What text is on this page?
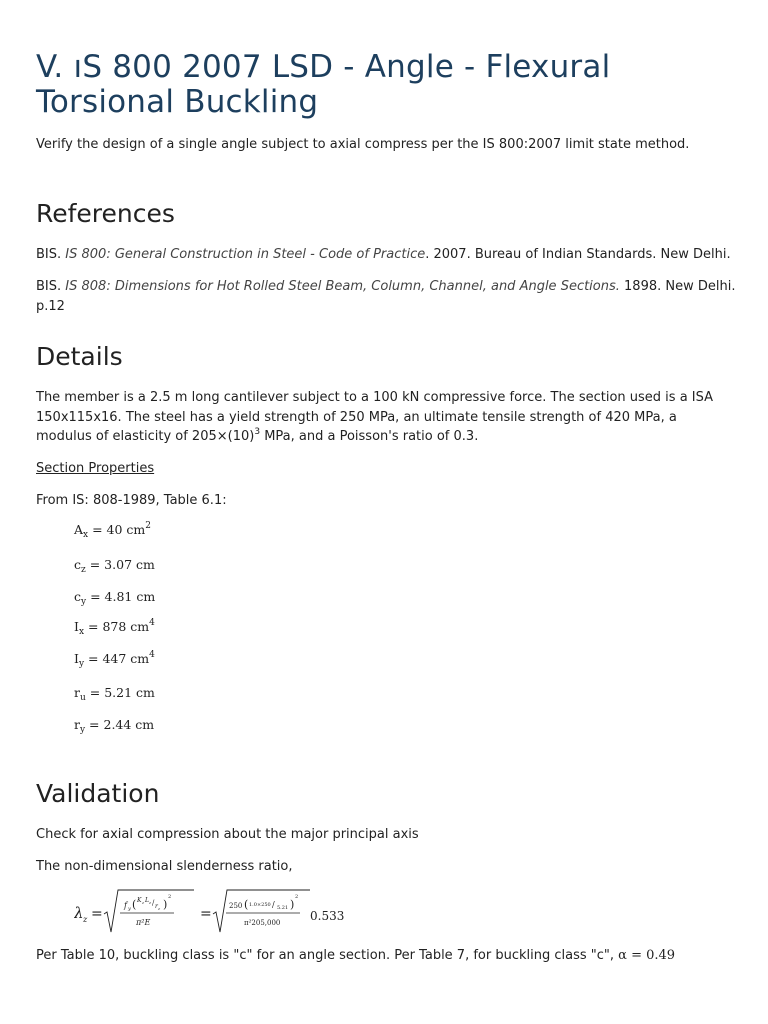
V. ıS 800 2007 LSD - Angle - Flexural Torsional Buckling

Verify the design of a single angle subject to axial compress per the IS 800:2007 limit state method.

References

BIS. IS 800: General Construction in Steel - Code of Practice. 2007. Bureau of Indian Standards. New Delhi.

BIS. IS 808: Dimensions for Hot Rolled Steel Beam, Column, Channel, and Angle Sections. 1898. New Delhi. p.12

Details

The member is a 2.5 m long cantilever subject to a 100 kN compressive force. The section used is a ISA 150x115x16. The steel has a yield strength of 250 MPa, an ultimate tensile strength of 420 MPa, a modulus of elasticity of $205\times(10)^3$ MPa, and a Poisson's ratio of 0.3.

Section Properties

From IS: 808-1989, Table 6.1:

$A_x = 40$ $cm^2$
$c_z = 3.07$ cm
$c_y = 4.81$ cm
$I_x = 878$ $cm^4$
$I_y = 447$ $cm^4$
$r_u = 5.21$ cm
$r_y = 2.44$ cm
Validation

Check for axial compression about the major principal axis

The non-dimensional slenderness ratio,

λ z =
f y ( K z L z / r z )
2
π²E
= 250 ( 1.0×250 / 5.21 )
2
π²205,000 0.533

Per Table 10, buckling class is "c" for an angle section. Per Table 7, for buckling class "c", α = 0.49
